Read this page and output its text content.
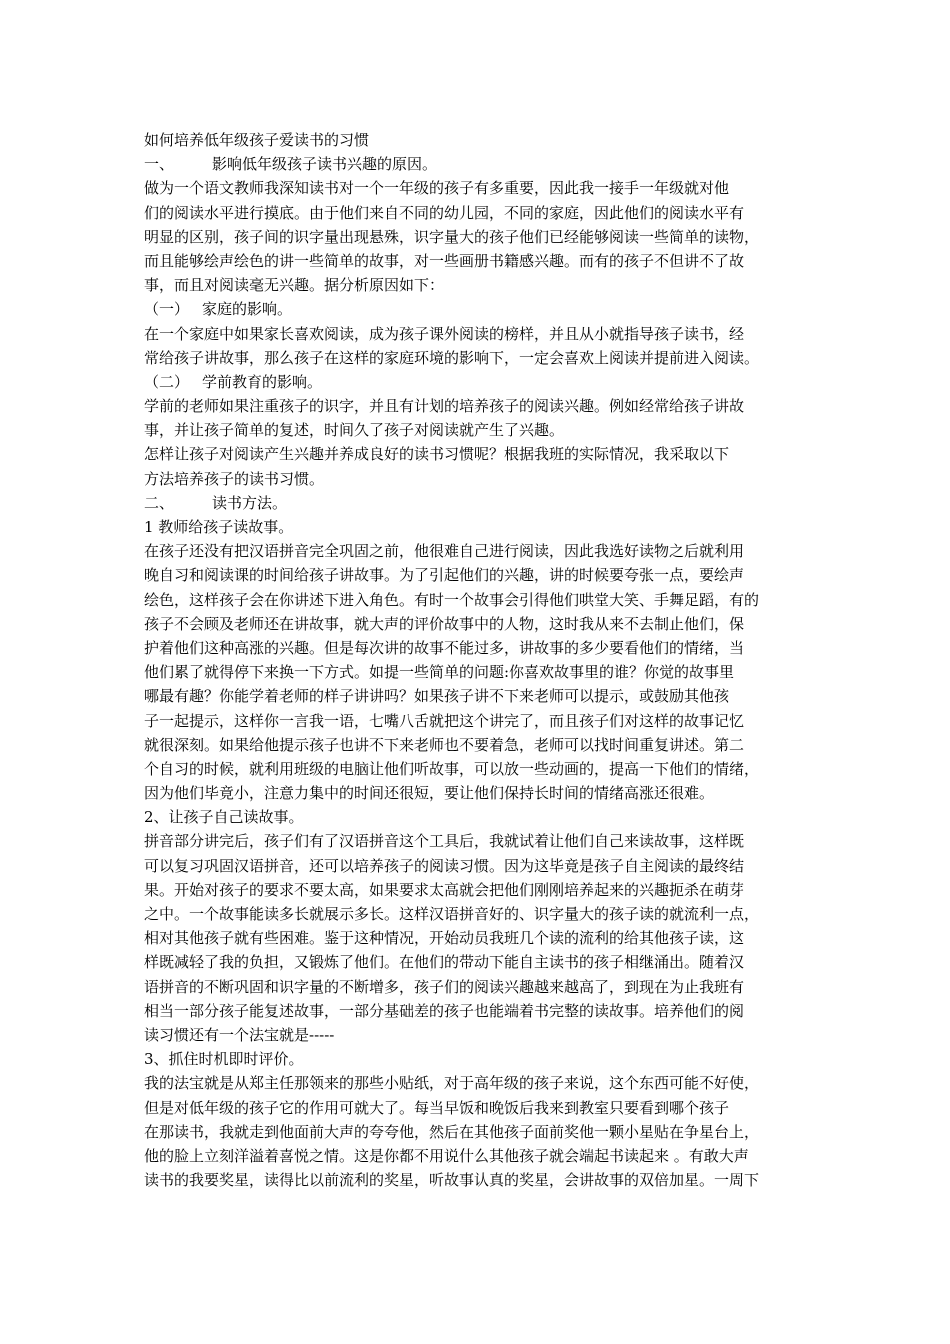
如何培养低年级孩子爱读书的习惯
一、	影响低年级孩子读书兴趣的原因。
做为一个语文教师我深知读书对一个一年级的孩子有多重要，因此我一接手一年级就对他
们的阅读水平进行摸底。由于他们来自不同的幼儿园，不同的家庭，因此他们的阅读水平有
明显的区别，孩子间的识字量出现悬殊，识字量大的孩子他们已经能够阅读一些简单的读物，
而且能够绘声绘色的讲一些简单的故事，对一些画册书籍感兴趣。而有的孩子不但讲不了故
事，而且对阅读毫无兴趣。据分析原因如下：
（一） 家庭的影响。
在一个家庭中如果家长喜欢阅读，成为孩子课外阅读的榜样，并且从小就指导孩子读书，经
常给孩子讲故事，那么孩子在这样的家庭环境的影响下，一定会喜欢上阅读并提前进入阅读。
（二） 学前教育的影响。
学前的老师如果注重孩子的识字，并且有计划的培养孩子的阅读兴趣。例如经常给孩子讲故
事，并让孩子简单的复述，时间久了孩子对阅读就产生了兴趣。
怎样让孩子对阅读产生兴趣并养成良好的读书习惯呢？根据我班的实际情况，我采取以下
方法培养孩子的读书习惯。
二、	读书方法。
1 教师给孩子读故事。
在孩子还没有把汉语拼音完全巩固之前，他很难自己进行阅读，因此我选好读物之后就利用
晚自习和阅读课的时间给孩子讲故事。为了引起他们的兴趣，讲的时候要夸张一点，要绘声
绘色，这样孩子会在你讲述下进入角色。有时一个故事会引得他们哄堂大笑、手舞足蹈，有的
孩子不会顾及老师还在讲故事，就大声的评价故事中的人物，这时我从来不去制止他们，保
护着他们这种高涨的兴趣。但是每次讲的故事不能过多，讲故事的多少要看他们的情绪，当
他们累了就得停下来换一下方式。如提一些简单的问题:你喜欢故事里的谁？你觉的故事里
哪最有趣？你能学着老师的样子讲讲吗？如果孩子讲不下来老师可以提示，或鼓励其他孩
子一起提示，这样你一言我一语，七嘴八舌就把这个讲完了，而且孩子们对这样的故事记忆
就很深刻。如果给他提示孩子也讲不下来老师也不要着急，老师可以找时间重复讲述。第二
个自习的时候，就利用班级的电脑让他们听故事，可以放一些动画的，提高一下他们的情绪，
因为他们毕竟小，注意力集中的时间还很短，要让他们保持长时间的情绪高涨还很难。
2、让孩子自己读故事。
拼音部分讲完后，孩子们有了汉语拼音这个工具后，我就试着让他们自己来读故事，这样既
可以复习巩固汉语拼音，还可以培养孩子的阅读习惯。因为这毕竟是孩子自主阅读的最终结
果。开始对孩子的要求不要太高，如果要求太高就会把他们刚刚培养起来的兴趣扼杀在萌芽
之中。一个故事能读多长就展示多长。这样汉语拼音好的、识字量大的孩子读的就流利一点，
相对其他孩子就有些困难。鉴于这种情况，开始动员我班几个读的流利的给其他孩子读，这
样既减轻了我的负担，又锻炼了他们。在他们的带动下能自主读书的孩子相继涌出。随着汉
语拼音的不断巩固和识字量的不断增多，孩子们的阅读兴趣越来越高了，到现在为止我班有
相当一部分孩子能复述故事，一部分基础差的孩子也能端着书完整的读故事。培养他们的阅
读习惯还有一个法宝就是-----
3、抓住时机即时评价。
我的法宝就是从郑主任那领来的那些小贴纸，对于高年级的孩子来说，这个东西可能不好使，
但是对低年级的孩子它的作用可就大了。每当早饭和晚饭后我来到教室只要看到哪个孩子
在那读书，我就走到他面前大声的夸夸他，然后在其他孩子面前奖他一颗小星贴在争星台上，
他的脸上立刻洋溢着喜悦之情。这是你都不用说什么其他孩子就会端起书读起来 。有敢大声
读书的我要奖星，读得比以前流利的奖星，听故事认真的奖星，会讲故事的双倍加星。一周下
